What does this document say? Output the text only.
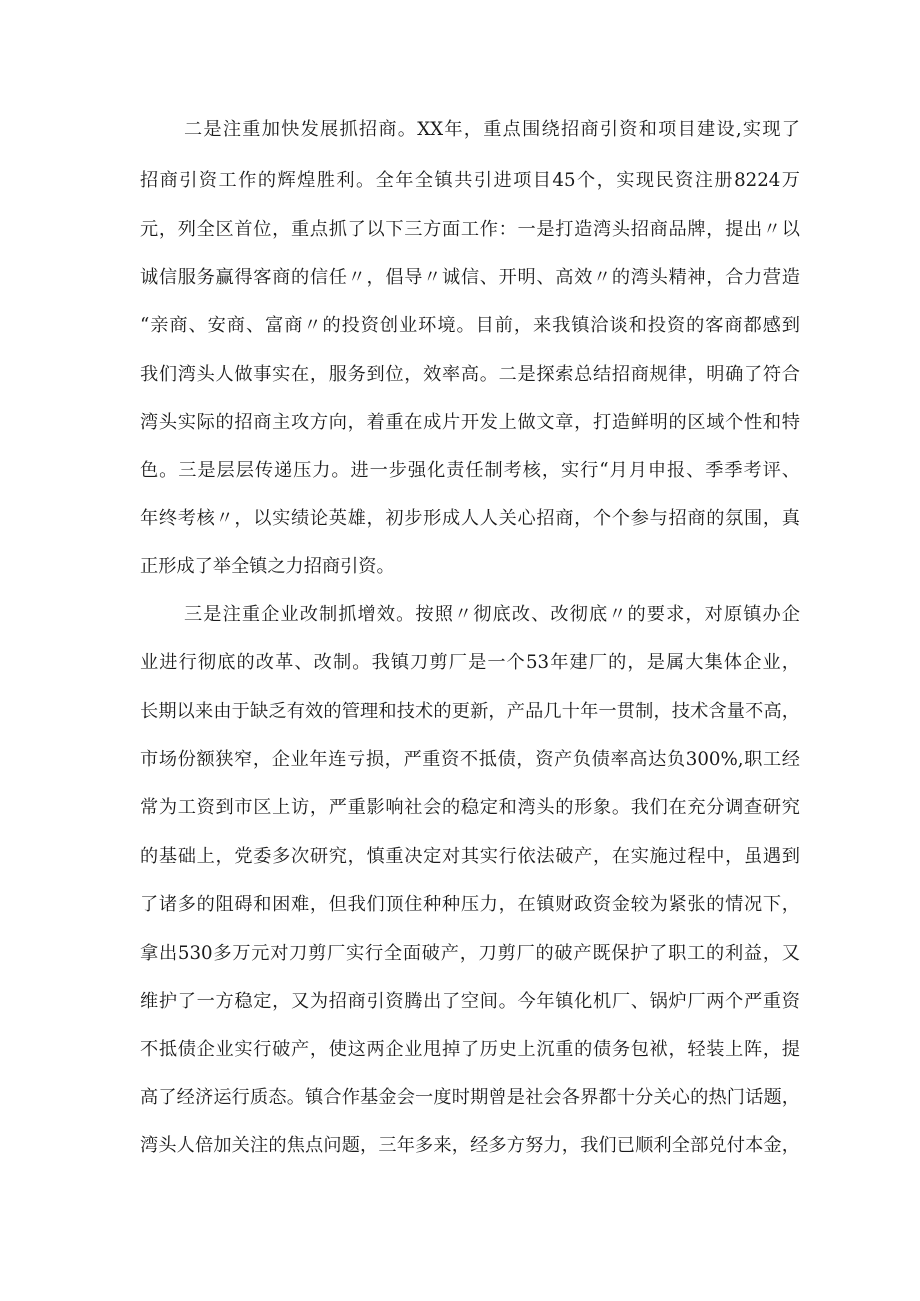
二是注重加快发展抓招商。XX年，重点围绕招商引资和项目建设,实现了
招商引资工作的辉煌胜利。全年全镇共引进项目45个，实现民资注册8224万
元，列全区首位，重点抓了以下三方面工作：一是打造湾头招商品牌，提出〃以
诚信服务赢得客商的信任〃，倡导〃诚信、开明、高效〃的湾头精神，合力营造
“亲商、安商、富商〃的投资创业环境。目前，来我镇洽谈和投资的客商都感到
我们湾头人做事实在，服务到位，效率高。二是探索总结招商规律，明确了符合
湾头实际的招商主攻方向，着重在成片开发上做文章，打造鲜明的区域个性和特
色。三是层层传递压力。进一步强化责任制考核，实行“月月申报、季季考评、
年终考核〃，以实绩论英雄，初步形成人人关心招商，个个参与招商的氛围，真
正形成了举全镇之力招商引资。
三是注重企业改制抓增效。按照〃彻底改、改彻底〃的要求，对原镇办企
业进行彻底的改革、改制。我镇刀剪厂是一个53年建厂的，是属大集体企业，
长期以来由于缺乏有效的管理和技术的更新，产品几十年一贯制，技术含量不高，
市场份额狭窄，企业年连亏损，严重资不抵债，资产负债率高达负300%,职工经
常为工资到市区上访，严重影响社会的稳定和湾头的形象。我们在充分调查研究
的基础上，党委多次研究，慎重决定对其实行依法破产，在实施过程中，虽遇到
了诸多的阻碍和困难，但我们顶住种种压力，在镇财政资金较为紧张的情况下，
拿出530多万元对刀剪厂实行全面破产，刀剪厂的破产既保护了职工的利益，又
维护了一方稳定，又为招商引资腾出了空间。今年镇化机厂、锅炉厂两个严重资
不抵债企业实行破产，使这两企业甩掉了历史上沉重的债务包袱，轻装上阵，提
高了经济运行质态。镇合作基金会一度时期曾是社会各界都十分关心的热门话题，
湾头人倍加关注的焦点问题，三年多来，经多方努力，我们已顺利全部兑付本金，
